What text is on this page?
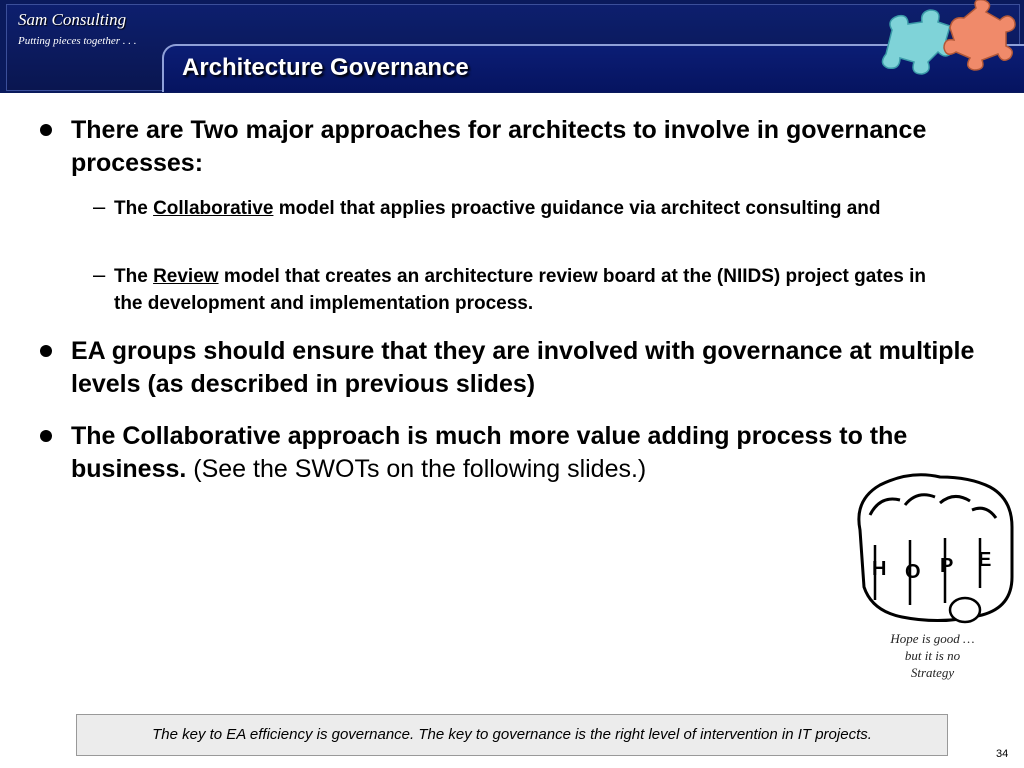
Sam Consulting
Putting pieces together . . .
Architecture Governance
There are Two major approaches for architects to involve in governance processes:
– The Collaborative model that applies proactive guidance via architect consulting and
– The Review model that creates an architecture review board at the (NIIDS) project gates in the development and implementation process.
EA groups should ensure that they are involved with governance at multiple levels (as described in previous slides)
The Collaborative approach is much more value adding process to the business. (See the SWOTs on the following slides.)
H O P E
Hope is good …
but it is no
Strategy
The key to EA efficiency is governance. The key to governance is the right level of intervention in IT projects.
34
